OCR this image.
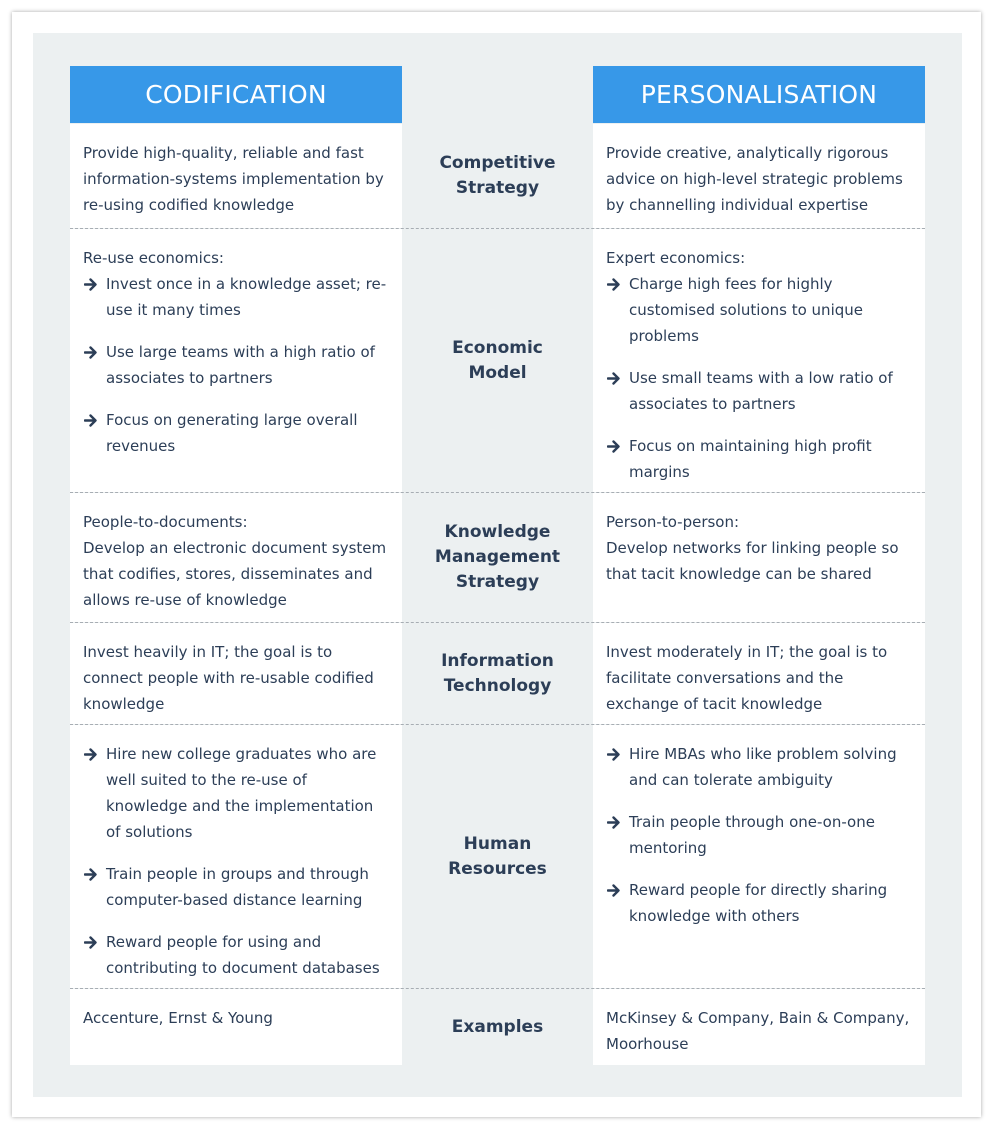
CODIFICATION	PERSONALISATION
Provide high-quality, reliable and fast information-systems implementation by re-using codified knowledge
Provide creative, analytically rigorous advice on high-level strategic problems by channelling individual expertise
Competitive
Strategy
Re-use economics:
Invest once in a knowledge asset; re-use it many times
Use large teams with a high ratio of associates to partners
Focus on generating large overall revenues
Expert economics:
Charge high fees for highly customised solutions to unique problems
Use small teams with a low ratio of associates to partners
Focus on maintaining high profit margins
Economic
Model
People-to-documents:
Develop an electronic document system that codifies, stores, disseminates and allows re-use of knowledge
Person-to-person:
Develop networks for linking people so that tacit knowledge can be shared
Knowledge
Management
Strategy
Invest heavily in IT; the goal is to connect people with re-usable codified knowledge
Invest moderately in IT; the goal is to facilitate conversations and the exchange of tacit knowledge
Information
Technology
Hire new college graduates who are well suited to the re-use of knowledge and the implementation of solutions
Train people in groups and through computer-based distance learning
Reward people for using and contributing to document databases
Hire MBAs who like problem solving and can tolerate ambiguity
Train people through one-on-one mentoring
Reward people for directly sharing knowledge with others
Human
Resources
Accenture, Ernst & Young	McKinsey & Company, Bain & Company, Moorhouse
Examples
